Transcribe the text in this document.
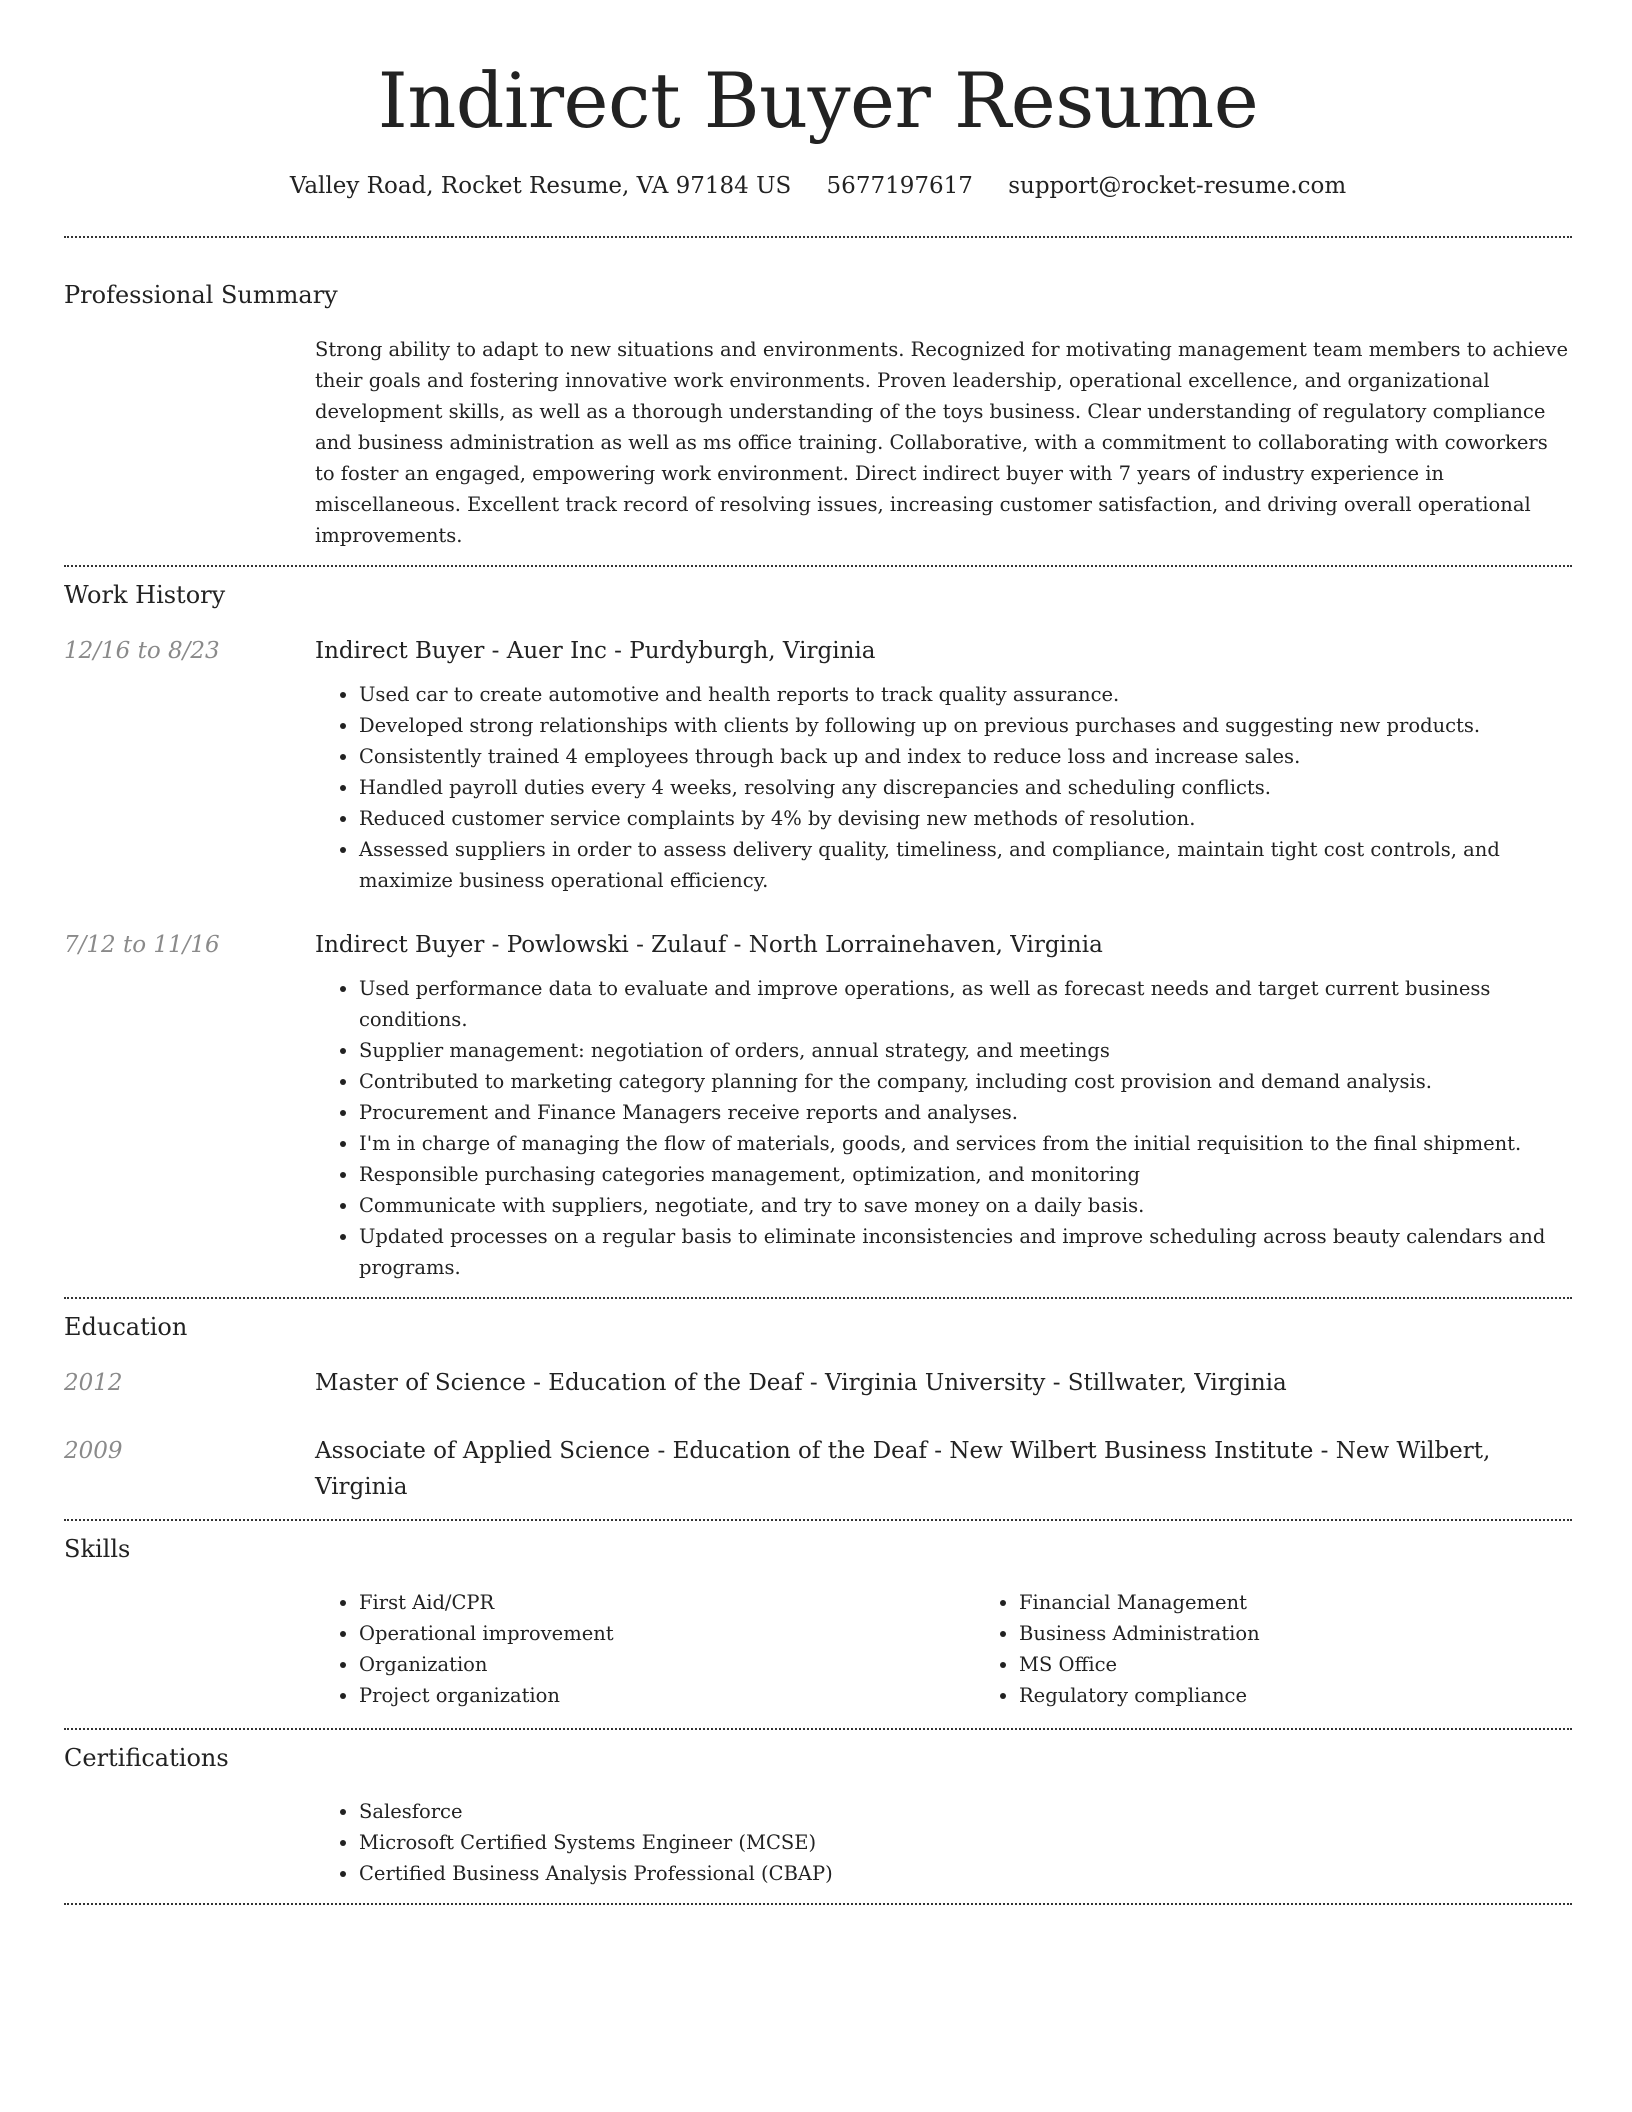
Indirect Buyer Resume
Valley Road, Rocket Resume, VA 97184 US 5677197617 support@rocket-resume.com
Professional Summary

Strong ability to adapt to new situations and environments. Recognized for motivating management team members to achieve their goals and fostering innovative work environments. Proven leadership, operational excellence, and organizational development skills, as well as a thorough understanding of the toys business. Clear understanding of regulatory compliance and business administration as well as ms office training. Collaborative, with a commitment to collaborating with coworkers to foster an engaged, empowering work environment. Direct indirect buyer with 7 years of industry experience in miscellaneous. Excellent track record of resolving issues, increasing customer satisfaction, and driving overall operational improvements.

Work History
12/16 to 8/23	Indirect Buyer - Auer Inc - Purdyburgh, Virginia
• Used car to create automotive and health reports to track quality assurance.
• Developed strong relationships with clients by following up on previous purchases and suggesting new products.
• Consistently trained 4 employees through back up and index to reduce loss and increase sales.
• Handled payroll duties every 4 weeks, resolving any discrepancies and scheduling conflicts.
• Reduced customer service complaints by 4% by devising new methods of resolution.
• Assessed suppliers in order to assess delivery quality, timeliness, and compliance, maintain tight cost controls, and maximize business operational efficiency.
7/12 to 11/16	Indirect Buyer - Powlowski - Zulauf - North Lorrainehaven, Virginia
• Used performance data to evaluate and improve operations, as well as forecast needs and target current business conditions.
• Supplier management: negotiation of orders, annual strategy, and meetings
• Contributed to marketing category planning for the company, including cost provision and demand analysis.
• Procurement and Finance Managers receive reports and analyses.
• I'm in charge of managing the flow of materials, goods, and services from the initial requisition to the final shipment.
• Responsible purchasing categories management, optimization, and monitoring
• Communicate with suppliers, negotiate, and try to save money on a daily basis.
• Updated processes on a regular basis to eliminate inconsistencies and improve scheduling across beauty calendars and programs.
Education
2012	Master of Science - Education of the Deaf - Virginia University - Stillwater, Virginia
2009	Associate of Applied Science - Education of the Deaf - New Wilbert Business Institute - New Wilbert, Virginia
Skills
• First Aid/CPR
• Operational improvement
• Organization
• Project organization
• Financial Management
• Business Administration
• MS Office
• Regulatory compliance
Certifications
• Salesforce
• Microsoft Certified Systems Engineer (MCSE)
• Certified Business Analysis Professional (CBAP)
